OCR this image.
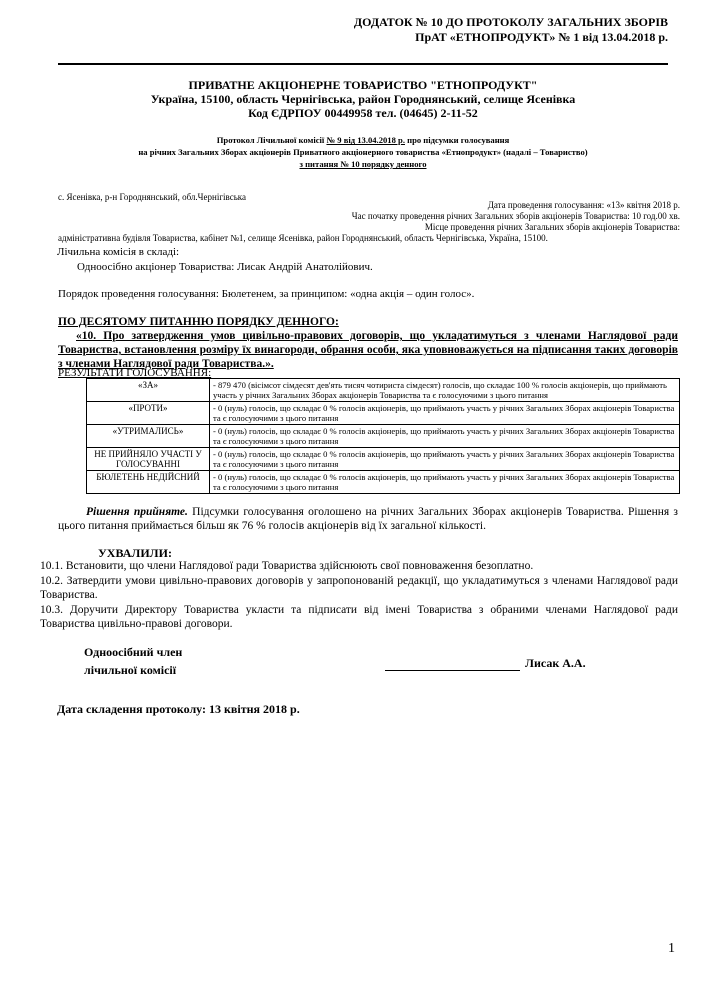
ДОДАТОК № 10 ДО ПРОТОКОЛУ ЗАГАЛЬНИХ ЗБОРІВ
ПрАТ «ЕТНОПРОДУКТ» № 1 від 13.04.2018 р.
ПРИВАТНЕ АКЦІОНЕРНЕ ТОВАРИСТВО "ЕТНОПРОДУКТ"
Україна, 15100, область Чернігівська, район Городнянський, селище Ясенівка
Код ЄДРПОУ 00449958 тел. (04645) 2-11-52
Протокол Лічильної комісії № 9 від 13.04.2018 р. про підсумки голосування
на річних Загальних Зборах акціонерів Приватного акціонерного товариства «Етнопродукт» (надалі – Товариство)
з питання № 10 порядку денного
с. Ясенівка, р-н Городнянський, обл.Чернігівська
Дата проведення голосування: «13» квітня 2018 р.
Час початку проведення річних Загальних зборів акціонерів Товариства: 10 год.00 хв.
Місце проведення річних Загальних зборів акціонерів Товариства:
адміністративна будівля Товариства, кабінет №1, селище Ясенівка, район Городнянський, область Чернігівська, Україна, 15100.
Лічильна комісія в складі:
Одноосібно акціонер Товариства: Лисак Андрій Анатолійович.
Порядок проведення голосування: Бюлетенем, за принципом: «одна акція – один голос».
ПО ДЕСЯТОМУ ПИТАННЮ ПОРЯДКУ ДЕННОГО:
«10. Про затвердження умов цивільно-правових договорів, що укладатимуться з членами Наглядової ради Товариства, встановлення розміру їх винагороди, обрання особи, яка уповноважується на підписання таких договорів з членами Наглядової ради Товариства.».
РЕЗУЛЬТАТИ ГОЛОСУВАННЯ:
«ЗА»	- 879 470 (вісімсот сімдесят дев'ять тисяч чотириста сімдесят) голосів, що складає 100 % голосів акціонерів, що приймають участь у річних Загальних Зборах акціонерів Товариства та є голосуючими з цього питання
«ПРОТИ»	- 0 (нуль) голосів, що складає 0 % голосів акціонерів, що приймають участь у річних Загальних Зборах акціонерів Товариства та є голосуючими з цього питання
«УТРИМАЛИСЬ»	- 0 (нуль) голосів, що складає 0 % голосів акціонерів, що приймають участь у річних Загальних Зборах акціонерів Товариства та є голосуючими з цього питання
НЕ ПРИЙНЯЛО УЧАСТІ У ГОЛОСУВАННІ	- 0 (нуль) голосів, що складає 0 % голосів акціонерів, що приймають участь у річних Загальних Зборах акціонерів Товариства та є голосуючими з цього питання
БЮЛЕТЕНЬ НЕДІЙСНИЙ	- 0 (нуль) голосів, що складає 0 % голосів акціонерів, що приймають участь у річних Загальних Зборах акціонерів Товариства та є голосуючими з цього питання
Рішення прийняте. Підсумки голосування оголошено на річних Загальних Зборах акціонерів Товариства. Рішення з цього питання приймається більш як 76 % голосів акціонерів від їх загальної кількості.
УХВАЛИЛИ:
10.1. Встановити, що члени Наглядової ради Товариства здійснюють свої повноваження безоплатно.
10.2. Затвердити умови цивільно-правових договорів у запропонованій редакції, що укладатимуться з членами Наглядової ради Товариства.
10.3. Доручити Директору Товариства укласти та підписати від імені Товариства з обраними членами Наглядової ради Товариства цивільно-правові договори.
Одноосібний член
лічильної комісії	Лисак А.А.
Дата складення протоколу: 13 квітня 2018 р.
1
